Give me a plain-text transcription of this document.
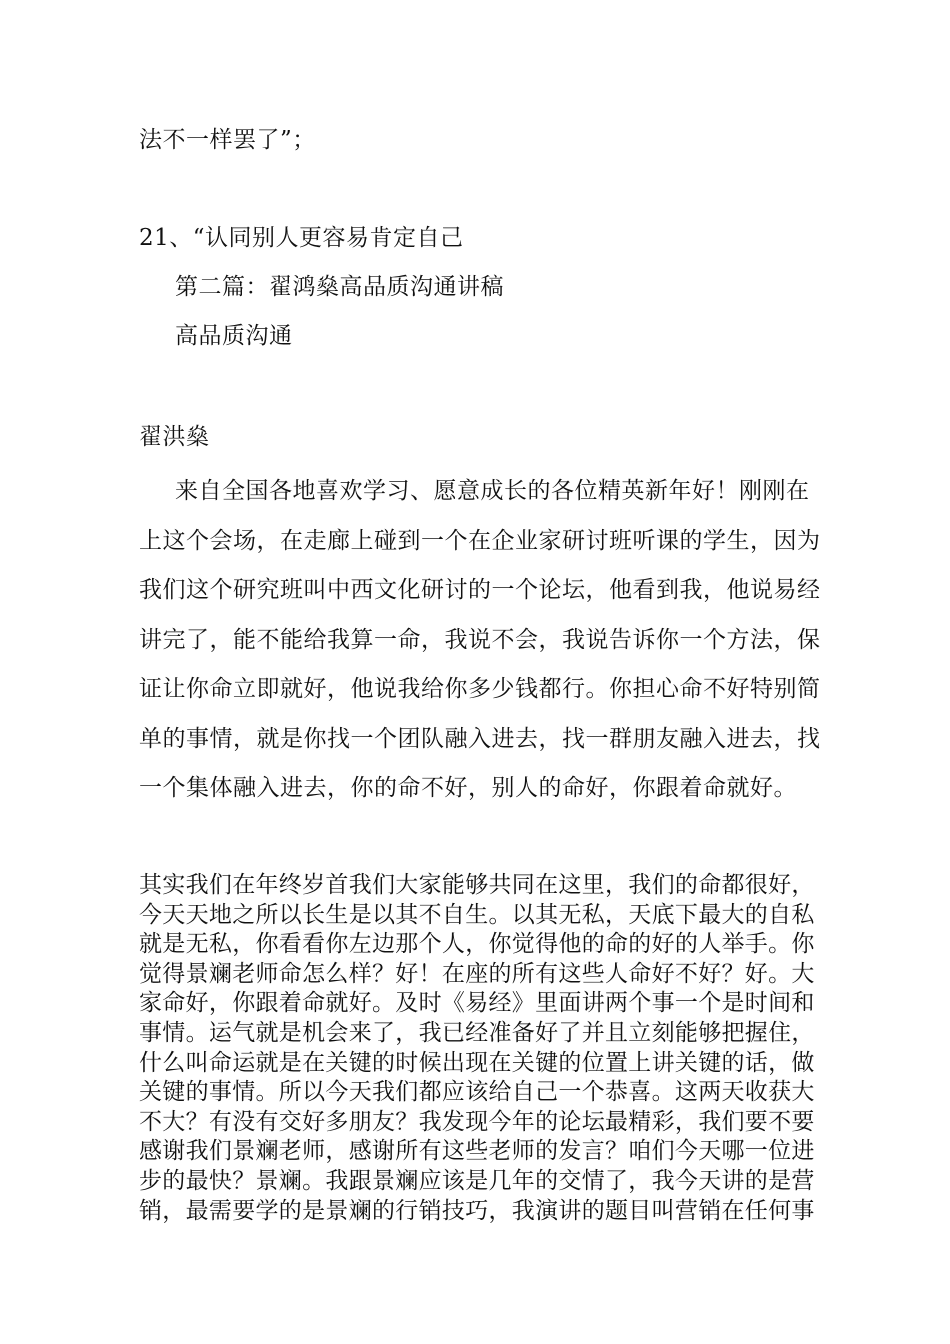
法不一样罢了”；
21、“认同别人更容易肯定自己
第二篇：翟鸿燊高品质沟通讲稿
高品质沟通
翟洪燊
来自全国各地喜欢学习、愿意成长的各位精英新年好！刚刚在
上这个会场，在走廊上碰到一个在企业家研讨班听课的学生，因为
我们这个研究班叫中西文化研讨的一个论坛，他看到我，他说易经
讲完了，能不能给我算一命，我说不会，我说告诉你一个方法，保
证让你命立即就好，他说我给你多少钱都行。你担心命不好特别简
单的事情，就是你找一个团队融入进去，找一群朋友融入进去，找
一个集体融入进去，你的命不好，别人的命好，你跟着命就好。
其实我们在年终岁首我们大家能够共同在这里，我们的命都很好，
今天天地之所以长生是以其不自生。以其无私，天底下最大的自私
就是无私，你看看你左边那个人，你觉得他的命的好的人举手。你
觉得景斓老师命怎么样？好！在座的所有这些人命好不好？好。大
家命好，你跟着命就好。及时《易经》里面讲两个事一个是时间和
事情。运气就是机会来了，我已经准备好了并且立刻能够把握住，
什么叫命运就是在关键的时候出现在关键的位置上讲关键的话，做
关键的事情。所以今天我们都应该给自己一个恭喜。这两天收获大
不大？有没有交好多朋友？我发现今年的论坛最精彩，我们要不要
感谢我们景斓老师，感谢所有这些老师的发言？咱们今天哪一位进
步的最快？景斓。我跟景斓应该是几年的交情了，我今天讲的是营
销，最需要学的是景斓的行销技巧，我演讲的题目叫营销在任何事
